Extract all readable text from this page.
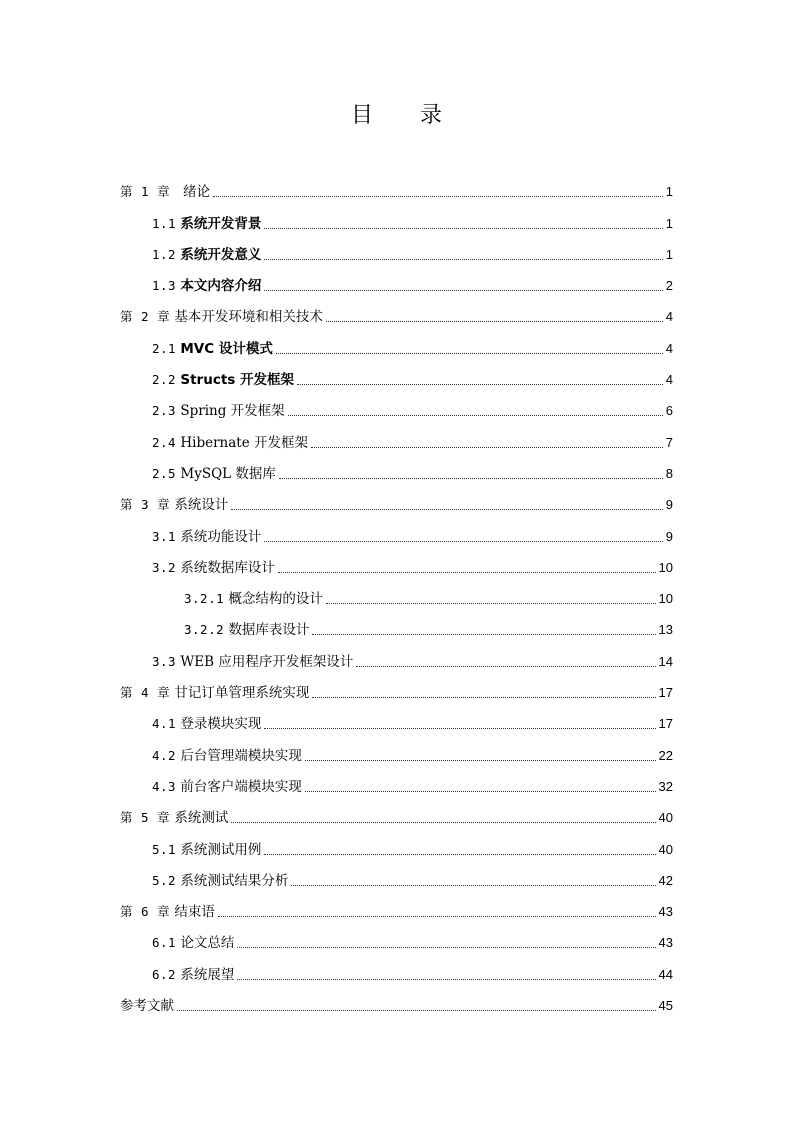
目 录
第 1 章 绪论	1
1.1 系统开发背景	1
1.2 系统开发意义	1
1.3 本文内容介绍	2
第 2 章 基本开发环境和相关技术	4
2.1 MVC 设计模式	4
2.2 Structs 开发框架	4
2.3 Spring 开发框架	6
2.4 Hibernate 开发框架	7
2.5 MySQL 数据库	8
第 3 章 系统设计	9
3.1 系统功能设计	9
3.2 系统数据库设计	10
3.2.1 概念结构的设计	10
3.2.2 数据库表设计	13
3.3 WEB 应用程序开发框架设计	14
第 4 章 甘记订单管理系统实现	17
4.1 登录模块实现	17
4.2 后台管理端模块实现	22
4.3 前台客户端模块实现	32
第 5 章 系统测试	40
5.1 系统测试用例	40
5.2 系统测试结果分析	42
第 6 章 结束语	43
6.1 论文总结	43
6.2 系统展望	44
参考文献	45
